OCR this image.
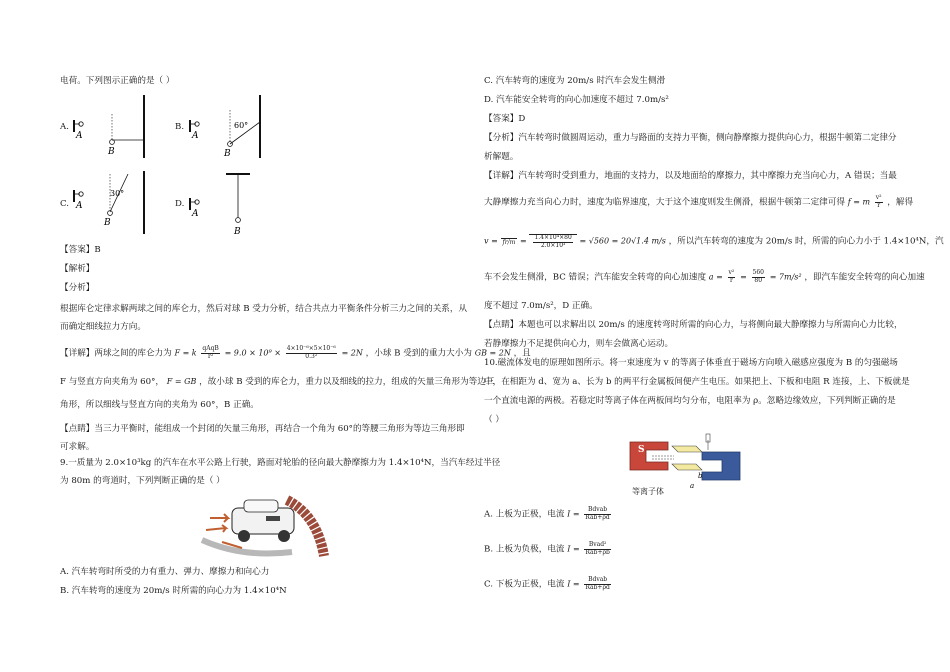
电荷。下列图示正确的是（ ）
A.
A
B
B.
A
B
60°
C. A
B
30°
D.
A
B
【答案】B
【解析】
【分析】
根据库仑定律求解两球之间的库仑力，然后对球 B 受力分析，结合共点力平衡条件分析三力之间的关系，从而确定细线拉力方向。
【详解】两球之间的库仑力为 F = k $\frac{\text{qAqB}}{\text{r²}} = 9.0 \times 10^9 \times \frac{\text{4×10⁻⁶×5×10⁻⁶}}{\text{0.3²}} = 2N$ ，小球 B 受到的重力大小为 GB = 2N ，且
F 与竖直方向夹角为 60°， F = GB ，故小球 B 受到的库仑力，重力以及细线的拉力，组成的矢量三角形为等边三
角形，所以细线与竖直方向的夹角为 60°，B 正确。
【点睛】当三力平衡时，能组成一个封闭的矢量三角形，再结合一个角为 60°的等腰三角形为等边三角形即可求解。
9.一质量为 2.0×10³kg 的汽车在水平公路上行驶，路面对轮胎的径向最大静摩擦力为 1.4×10⁴N，当汽车经过半径
为 80m 的弯道时，下列判断正确的是（ ）
A. 汽车转弯时所受的力有重力、弹力、摩擦力和向心力
B. 汽车转弯的速度为 20m/s 时所需的向心力为 1.4×10⁴N
C. 汽车转弯的速度为 20m/s 时汽车会发生侧滑
D. 汽车能安全转弯的向心加速度不超过 7.0m/s²
【答案】D
【分析】汽车转弯时做圆周运动，重力与路面的支持力平衡，侧向静摩擦力提供向心力，根据牛顿第二定律分
析解题。
【详解】汽车转弯时受到重力，地面的支持力，以及地面给的摩擦力，其中摩擦力充当向心力，A 错误；当最
大静摩擦力充当向心力时，速度为临界速度，大于这个速度则发生侧滑，根据牛顿第二定律可得 f = m $\frac{\text{v²}}{r}$ ，解得
$v = fr/m = \frac{\text{1.4×10⁴×80}}{\text{2.0×10³}} = √560 = 20√1.4$ m/s ，所以汽车转弯的速度为 20m/s 时，所需的向心力小于 1.4×10⁴N，汽
车不会发生侧滑，BC 错误；汽车能安全转弯的向心加速度 $a = \frac{\text{v²}}{r} = \frac{560}{80} = 7m/s^2$ ，即汽车能安全转弯的向心加速
度不超过 7.0m/s²，D 正确。
【点睛】本题也可以求解出以 20m/s 的速度转弯时所需的向心力，与将侧向最大静摩擦力与所需向心力比较，
若静摩擦力不足提供向心力，则车会做离心运动。
10.磁流体发电的原理如图所示。将一束速度为 v 的等离子体垂直于磁场方向喷入磁感应强度为 B 的匀强磁场
中，在相距为 d、宽为 a、长为 b 的两平行金属板间便产生电压。如果把上、下板和电阻 R 连接，上、下板就是
一个直流电源的两极。若稳定时等离子体在两板间均匀分布，电阻率为 ρ。忽略边缘效应，下列判断正确的是
（ ）
S
S
b
a
等离子体
A. 上板为正极，电流 $I = \frac{\text{Bdvab}}{\text{Rab+ρd}}$
B. 上板为负极，电流 $I = \frac{\text{Bvad²}}{\text{Rab+ρb}}$
C. 下板为正极，电流 $I = \frac{\text{Bdvab}}{\text{Rab+ρd}}$
